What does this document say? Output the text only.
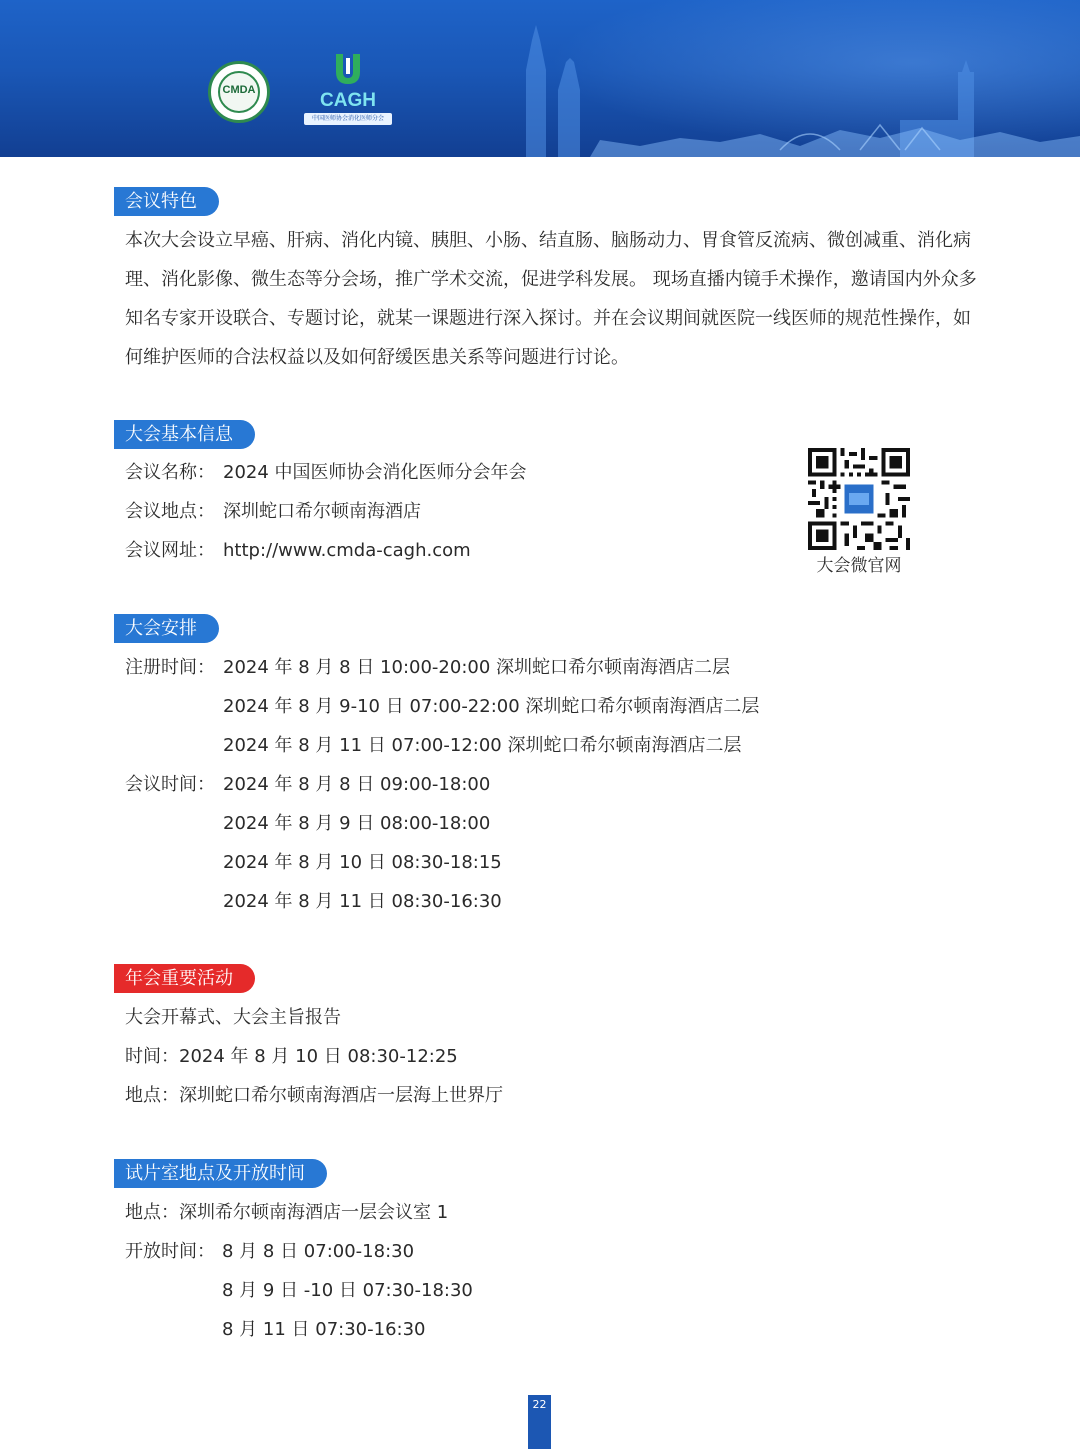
CMDA	CAGH
中国医师协会消化医师分会
会议特色
本次大会设立早癌、肝病、消化内镜、胰胆、小肠、结直肠、脑肠动力、胃食管反流病、微创减重、消化病理、消化影像、微生态等分会场，推广学术交流，促进学科发展。 现场直播内镜手术操作，邀请国内外众多知名专家开设联合、专题讨论，就某一课题进行深入探讨。并在会议期间就医院一线医师的规范性操作，如何维护医师的合法权益以及如何舒缓医患关系等问题进行讨论。
大会基本信息
会议名称： 2024 中国医师协会消化医师分会年会
会议地点： 深圳蛇口希尔顿南海酒店
会议网址： http://www.cmda-cagh.com
大会微官网
大会安排
注册时间： 2024 年 8 月 8 日 10:00-20:00 深圳蛇口希尔顿南海酒店二层
2024 年 8 月 9-10 日 07:00-22:00 深圳蛇口希尔顿南海酒店二层
2024 年 8 月 11 日 07:00-12:00 深圳蛇口希尔顿南海酒店二层
会议时间： 2024 年 8 月 8 日 09:00-18:00
2024 年 8 月 9 日 08:00-18:00
2024 年 8 月 10 日 08:30-18:15
2024 年 8 月 11 日 08:30-16:30
年会重要活动
大会开幕式、大会主旨报告
时间：2024 年 8 月 10 日 08:30-12:25
地点：深圳蛇口希尔顿南海酒店一层海上世界厅
试片室地点及开放时间
地点：深圳希尔顿南海酒店一层会议室 1
开放时间： 8 月 8 日 07:00-18:30
8 月 9 日 -10 日 07:30-18:30
8 月 11 日 07:30-16:30
22
